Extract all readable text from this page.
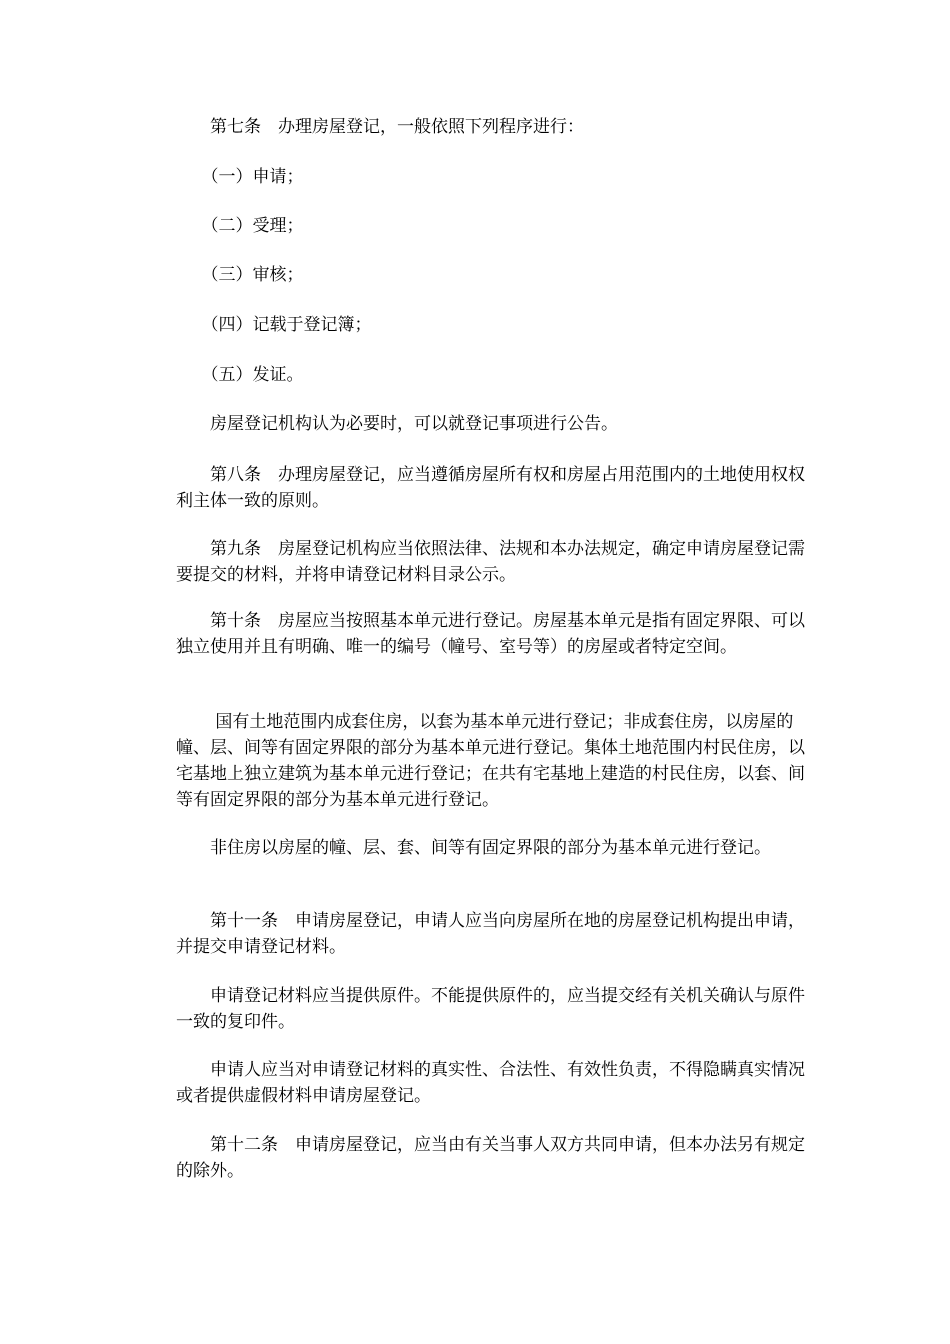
　　第七条　办理房屋登记，一般依照下列程序进行：

　　（一）申请；

　　（二）受理；

　　（三）审核；

　　（四）记载于登记簿；

　　（五）发证。

　　房屋登记机构认为必要时，可以就登记事项进行公告。

　　第八条　办理房屋登记，应当遵循房屋所有权和房屋占用范围内的土地使用权权利主体一致的原则。

　　第九条　房屋登记机构应当依照法律、法规和本办法规定，确定申请房屋登记需要提交的材料，并将申请登记材料目录公示。

　　第十条　房屋应当按照基本单元进行登记。房屋基本单元是指有固定界限、可以独立使用并且有明确、唯一的编号（幢号、室号等）的房屋或者特定空间。

　　 国有土地范围内成套住房，以套为基本单元进行登记；非成套住房，以房屋的幢、层、间等有固定界限的部分为基本单元进行登记。集体土地范围内村民住房，以 宅基地上独立建筑为基本单元进行登记；在共有宅基地上建造的村民住房，以套、间等有固定界限的部分为基本单元进行登记。

　　非住房以房屋的幢、层、套、间等有固定界限的部分为基本单元进行登记。

　　第十一条　申请房屋登记，申请人应当向房屋所在地的房屋登记机构提出申请，并提交申请登记材料。

　　申请登记材料应当提供原件。不能提供原件的，应当提交经有关机关确认与原件一致的复印件。

　　申请人应当对申请登记材料的真实性、合法性、有效性负责，不得隐瞒真实情况或者提供虚假材料申请房屋登记。

　　第十二条　申请房屋登记，应当由有关当事人双方共同申请，但本办法另有规定的除外。
